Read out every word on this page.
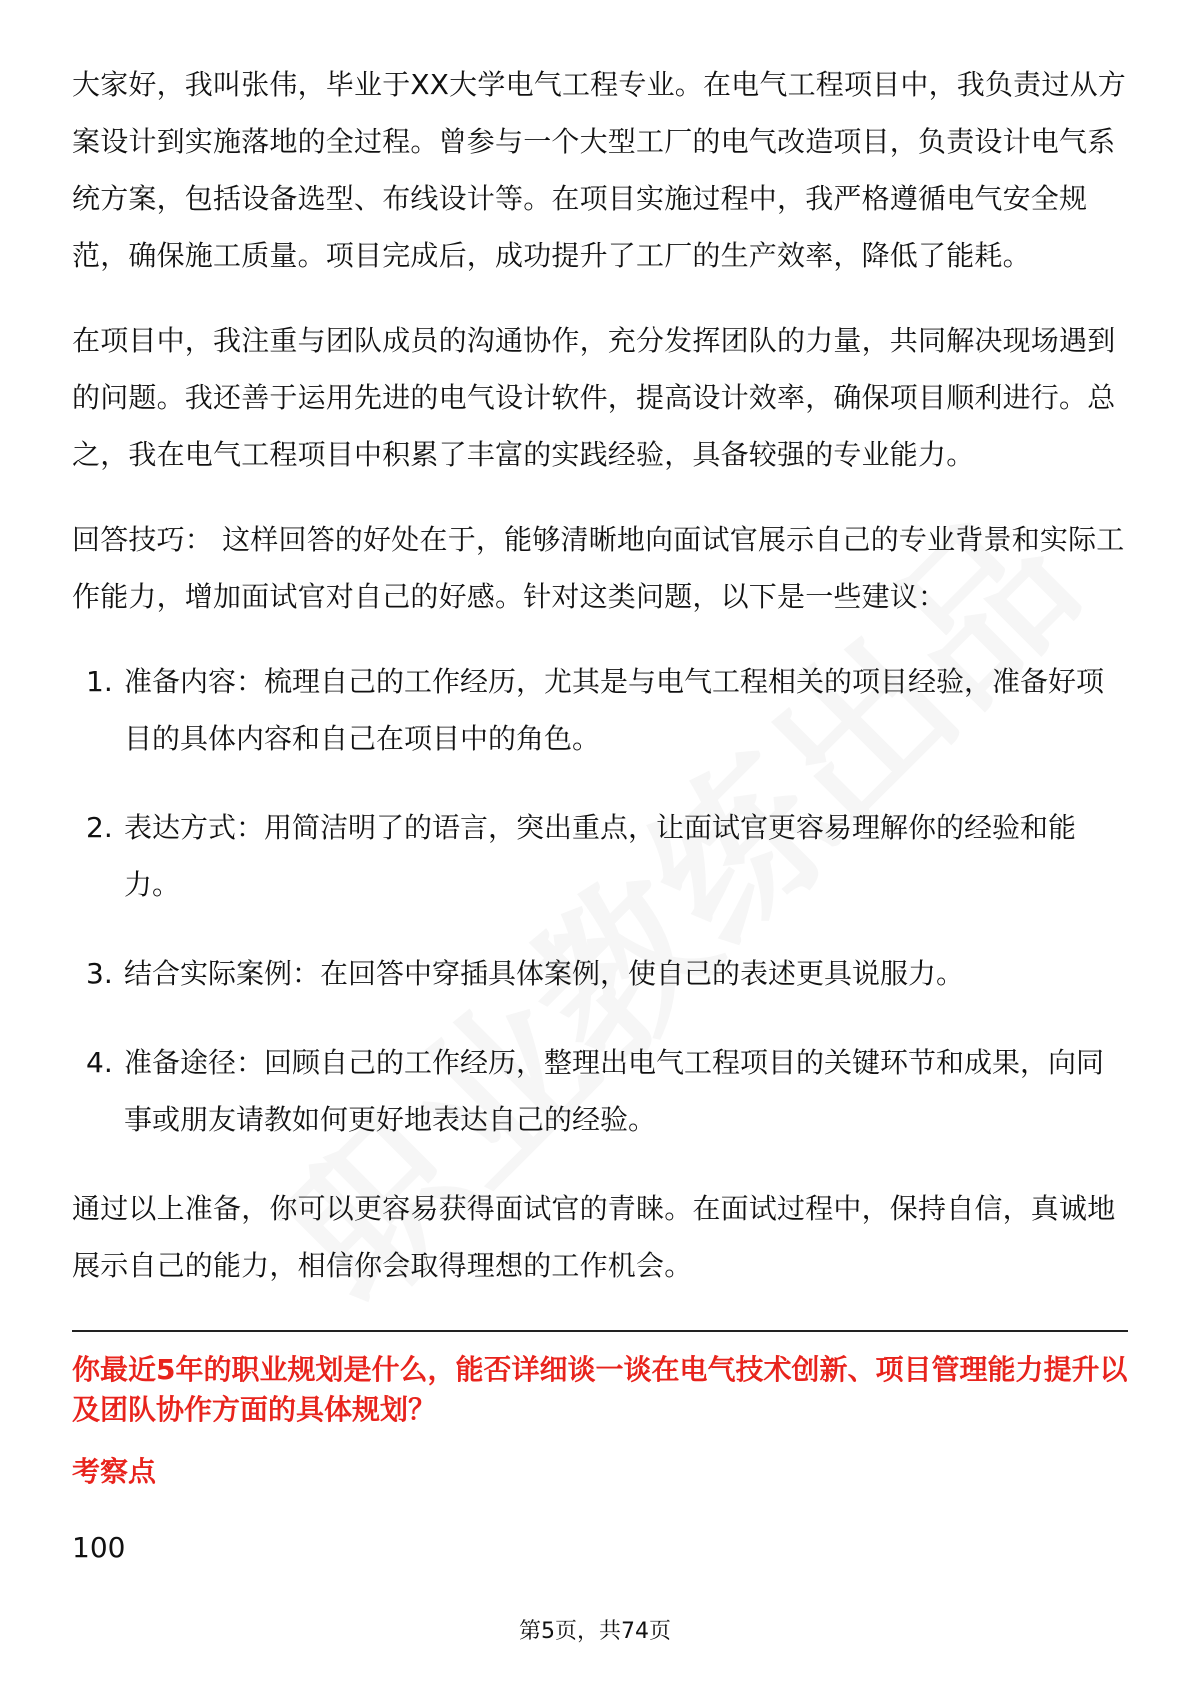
大家好，我叫张伟，毕业于XX大学电气工程专业。在电气工程项目中，我负责过从方案设计到实施落地的全过程。曾参与一个大型工厂的电气改造项目，负责设计电气系统方案，包括设备选型、布线设计等。在项目实施过程中，我严格遵循电气安全规范，确保施工质量。项目完成后，成功提升了工厂的生产效率，降低了能耗。

在项目中，我注重与团队成员的沟通协作，充分发挥团队的力量，共同解决现场遇到的问题。我还善于运用先进的电气设计软件，提高设计效率，确保项目顺利进行。总之，我在电气工程项目中积累了丰富的实践经验，具备较强的专业能力。

回答技巧： 这样回答的好处在于，能够清晰地向面试官展示自己的专业背景和实际工作能力，增加面试官对自己的好感。针对这类问题，以下是一些建议：

1. 准备内容：梳理自己的工作经历，尤其是与电气工程相关的项目经验，准备好项目的具体内容和自己在项目中的角色。
2. 表达方式：用简洁明了的语言，突出重点，让面试官更容易理解你的经验和能力。
3. 结合实际案例：在回答中穿插具体案例，使自己的表述更具说服力。
4. 准备途径：回顾自己的工作经历，整理出电气工程项目的关键环节和成果，向同事或朋友请教如何更好地表达自己的经验。

通过以上准备，你可以更容易获得面试官的青睐。在面试过程中，保持自信，真诚地展示自己的能力，相信你会取得理想的工作机会。

你最近5年的职业规划是什么，能否详细谈一谈在电气技术创新、项目管理能力提升以及团队协作方面的具体规划？

考察点

100

第5页，共74页
